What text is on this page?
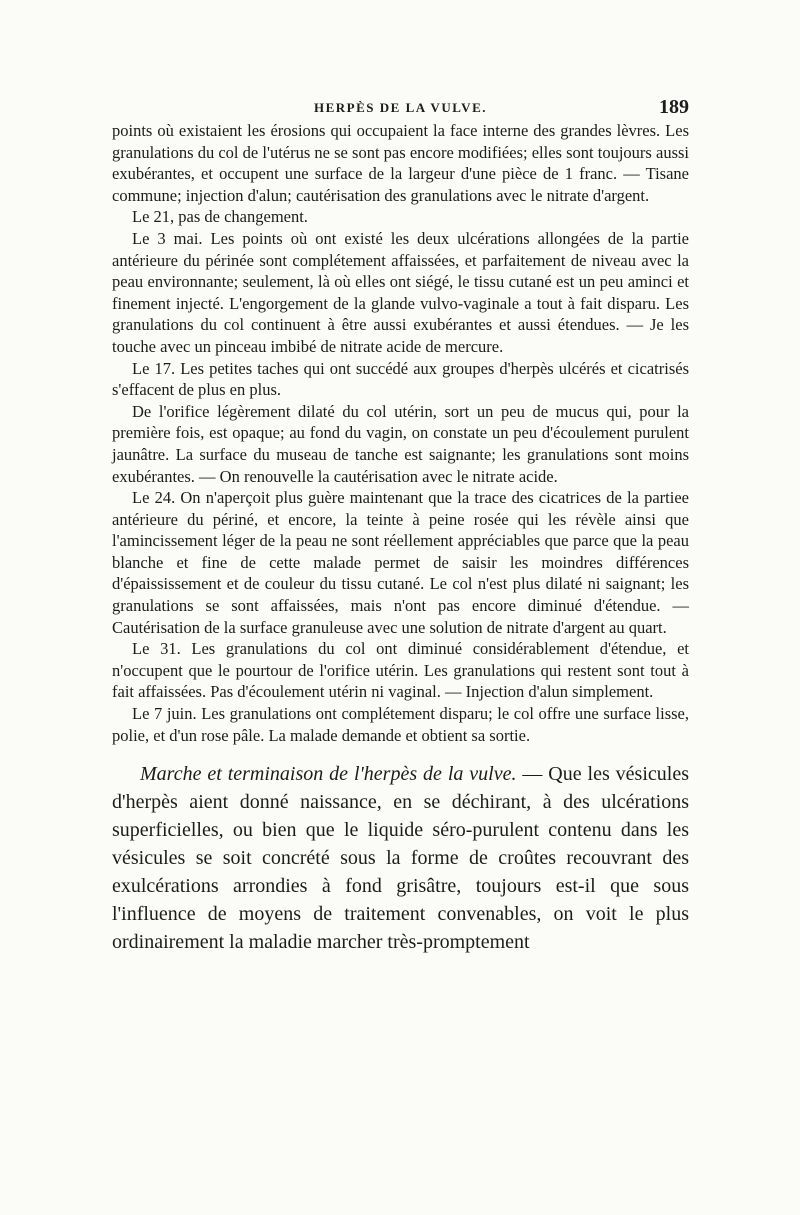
HERPÈS DE LA VULVE.	189

points où existaient les érosions qui occupaient la face interne des grandes lèvres. Les granulations du col de l'utérus ne se sont pas encore modifiées; elles sont toujours aussi exubérantes, et occupent une surface de la largeur d'une pièce de 1 franc. — Tisane commune; injection d'alun; cautérisation des granulations avec le nitrate d'argent.

Le 21, pas de changement.

Le 3 mai. Les points où ont existé les deux ulcérations allongées de la partie antérieure du périnée sont complétement affaissées, et parfaitement de niveau avec la peau environnante; seulement, là où elles ont siégé, le tissu cutané est un peu aminci et finement injecté. L'engorgement de la glande vulvo-vaginale a tout à fait disparu. Les granulations du col continuent à être aussi exubérantes et aussi étendues. — Je les touche avec un pinceau imbibé de nitrate acide de mercure.

Le 17. Les petites taches qui ont succédé aux groupes d'herpès ulcérés et cicatrisés s'effacent de plus en plus.

De l'orifice légèrement dilaté du col utérin, sort un peu de mucus qui, pour la première fois, est opaque; au fond du vagin, on constate un peu d'écoulement purulent jaunâtre. La surface du museau de tanche est saignante; les granulations sont moins exubérantes. — On renouvelle la cautérisation avec le nitrate acide.

Le 24. On n'aperçoit plus guère maintenant que la trace des cicatrices de la partiee antérieure du périné, et encore, la teinte à peine rosée qui les révèle ainsi que l'amincissement léger de la peau ne sont réellement appréciables que parce que la peau blanche et fine de cette malade permet de saisir les moindres différences d'épaississement et de couleur du tissu cutané. Le col n'est plus dilaté ni saignant; les granulations se sont affaissées, mais n'ont pas encore diminué d'étendue. — Cautérisation de la surface granuleuse avec une solution de nitrate d'argent au quart.

Le 31. Les granulations du col ont diminué considérablement d'étendue, et n'occupent que le pourtour de l'orifice utérin. Les granulations qui restent sont tout à fait affaissées. Pas d'écoulement utérin ni vaginal. — Injection d'alun simplement.

Le 7 juin. Les granulations ont complétement disparu; le col offre une surface lisse, polie, et d'un rose pâle. La malade demande et obtient sa sortie.

Marche et terminaison de l'herpès de la vulve. — Que les vésicules d'herpès aient donné naissance, en se déchirant, à des ulcérations superficielles, ou bien que le liquide séro-purulent contenu dans les vésicules se soit concrété sous la forme de croûtes recouvrant des exulcérations arrondies à fond grisâtre, toujours est-il que sous l'influence de moyens de traitement convenables, on voit le plus ordinairement la maladie marcher très-promptement
